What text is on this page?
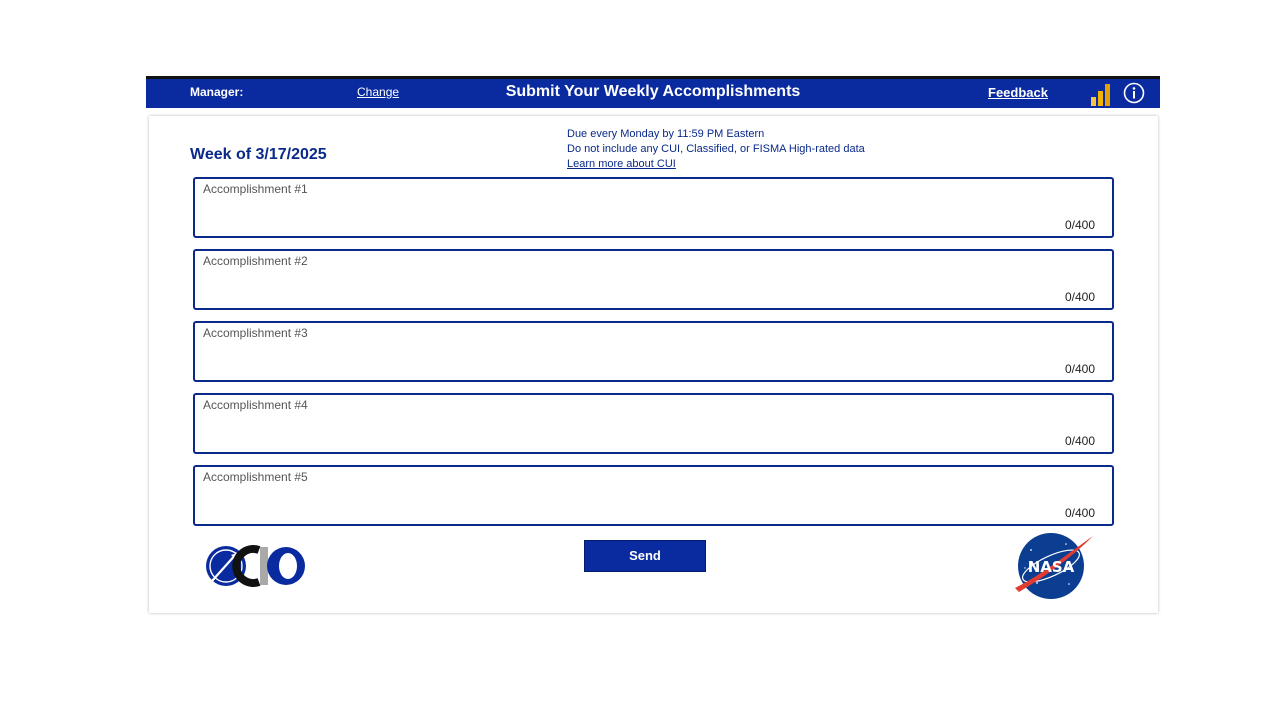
Manager:	Change	Submit Your Weekly Accomplishments	Feedback
Week of 3/17/2025
Due every Monday by 11:59 PM Eastern
Do not include any CUI, Classified, or FISMA High-rated data
Learn more about CUI
Accomplishment #1
0/400
Accomplishment #2
0/400
Accomplishment #3
0/400
Accomplishment #4
0/400
Accomplishment #5
0/400
Send
NASA
